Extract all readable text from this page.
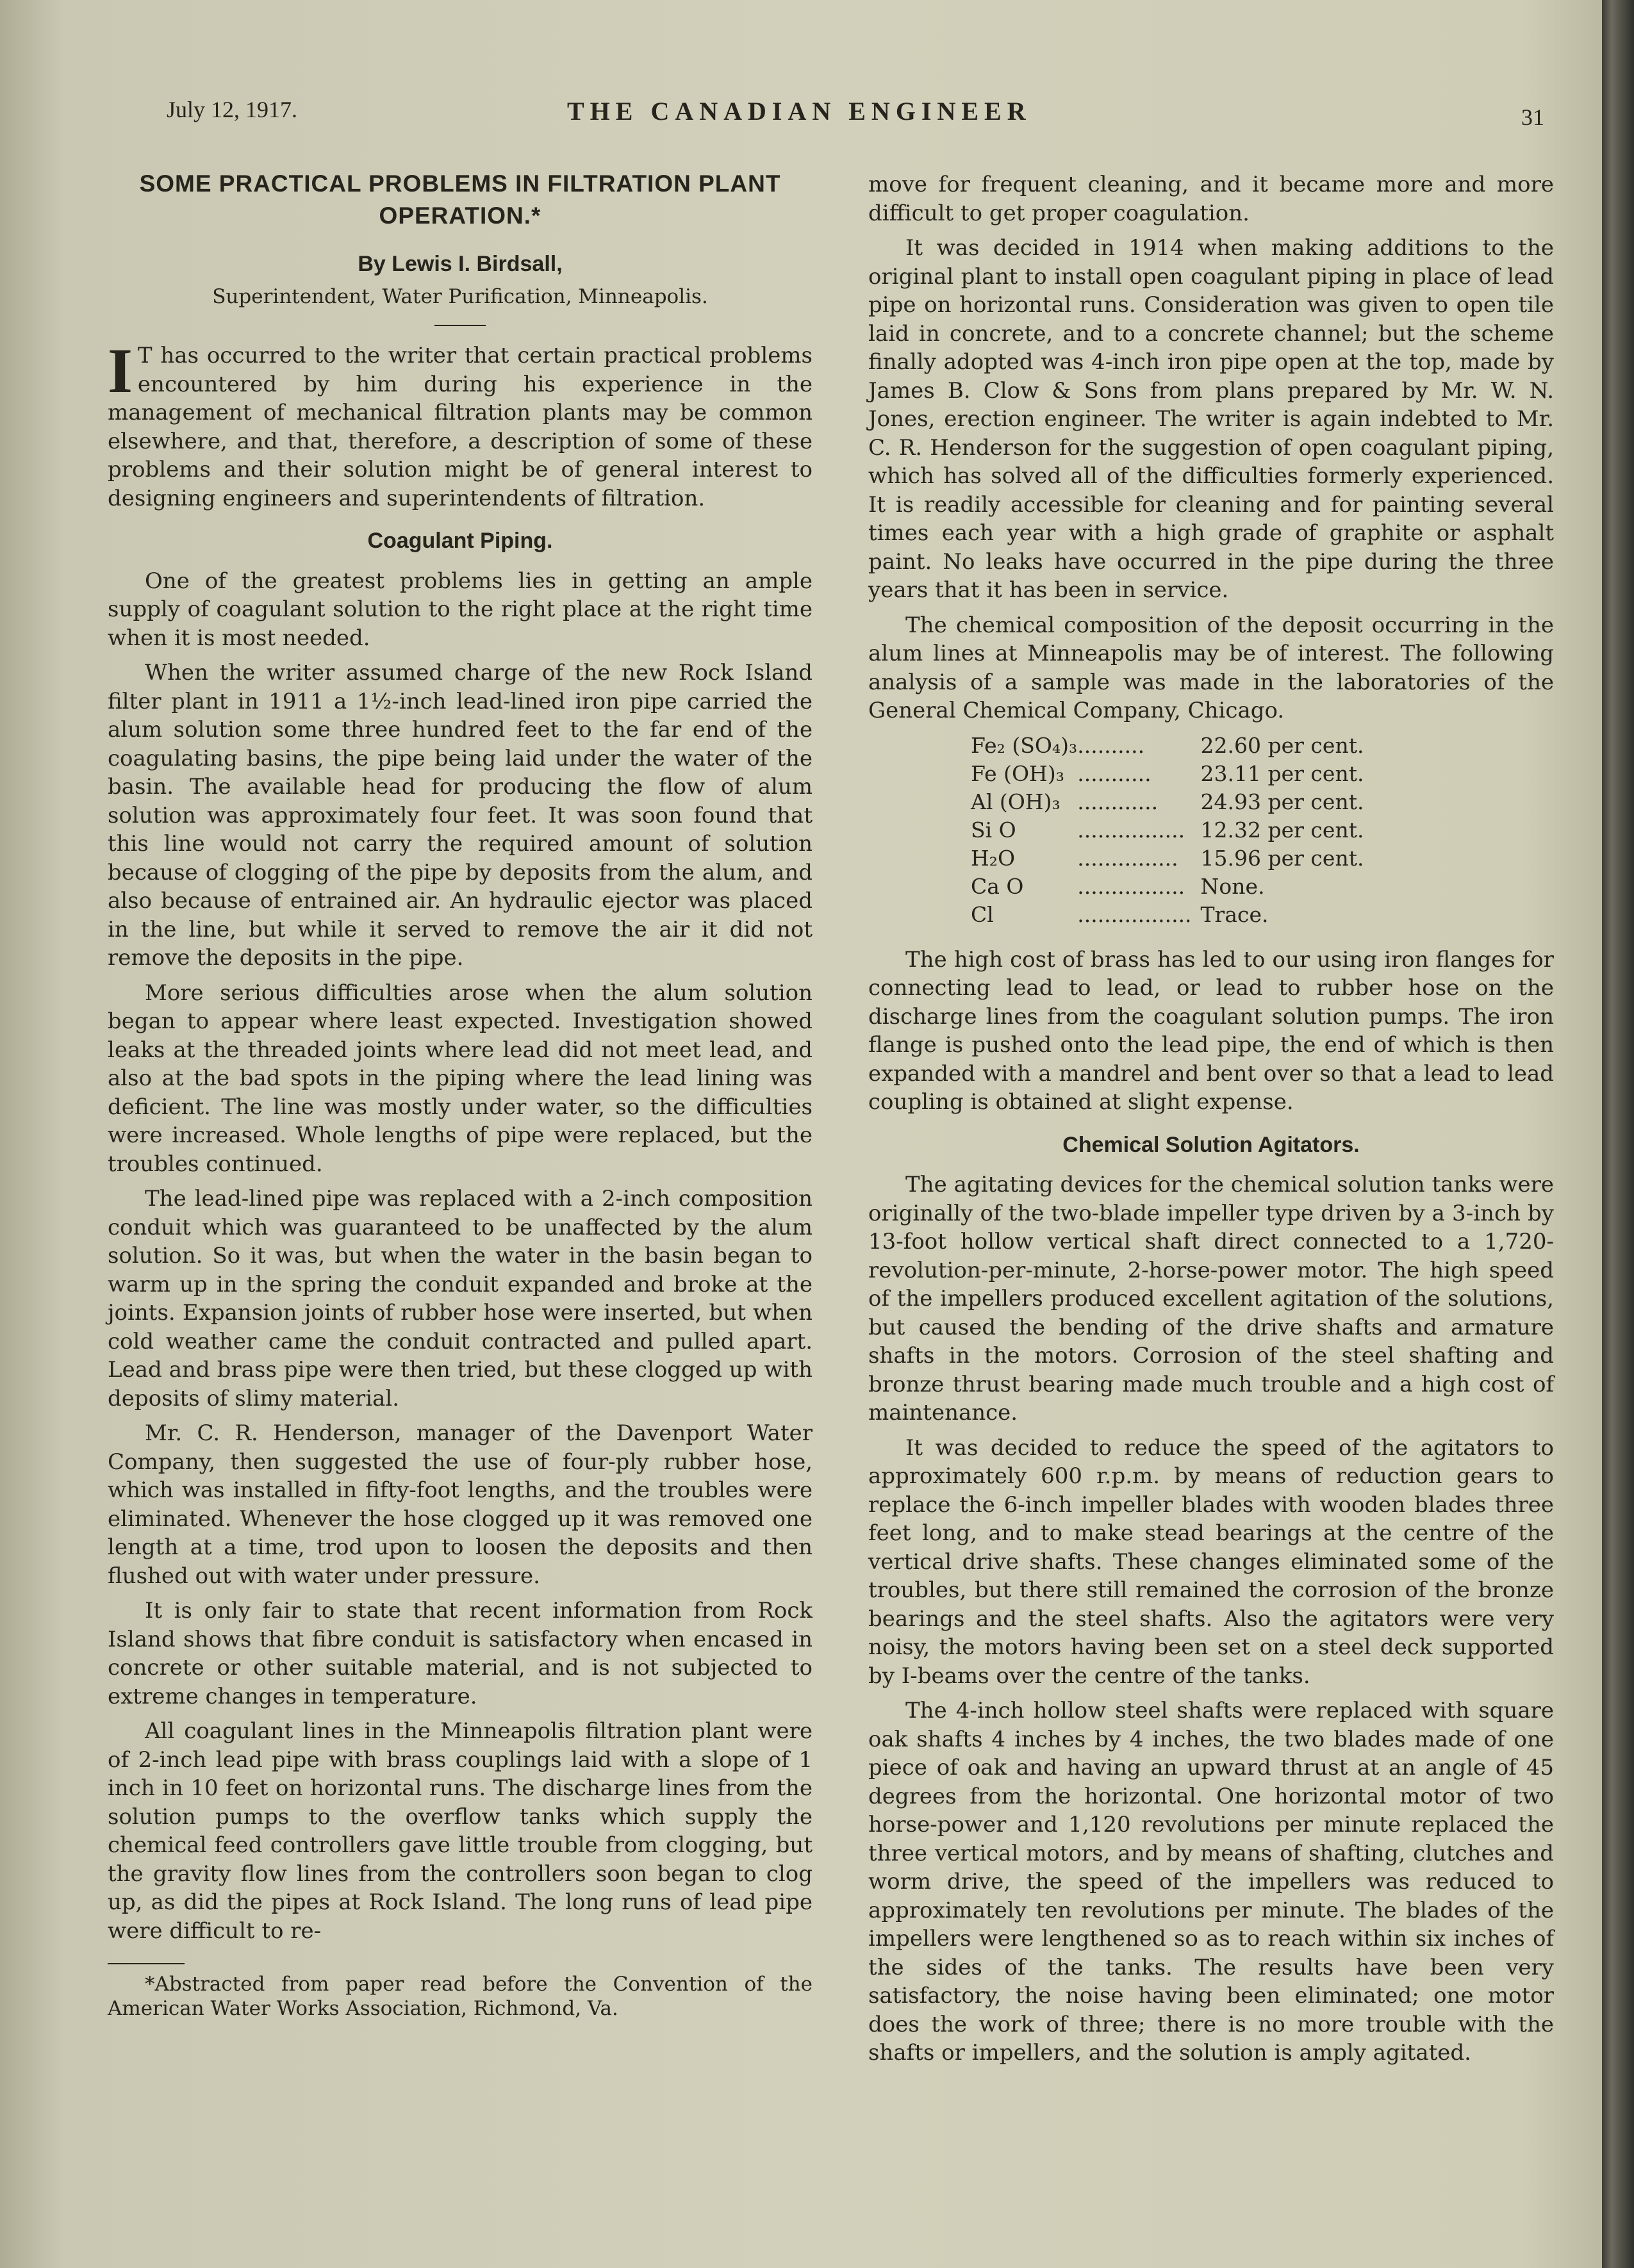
July 12, 1917.	THE CANADIAN ENGINEER	31
SOME PRACTICAL PROBLEMS IN FILTRATION PLANT OPERATION.*
By Lewis I. Birdsall,
Superintendent, Water Purification, Minneapolis.

I T has occurred to the writer that certain practical problems encountered by him during his experience in the management of mechanical filtration plants may be common elsewhere, and that, therefore, a description of some of these problems and their solution might be of general interest to designing engineers and superintendents of filtration.

Coagulant Piping.

One of the greatest problems lies in getting an ample supply of coagulant solution to the right place at the right time when it is most needed.

When the writer assumed charge of the new Rock Island filter plant in 1911 a 1½-inch lead-lined iron pipe carried the alum solution some three hundred feet to the far end of the coagulating basins, the pipe being laid under the water of the basin. The available head for producing the flow of alum solution was approximately four feet. It was soon found that this line would not carry the required amount of solution because of clogging of the pipe by deposits from the alum, and also because of entrained air. An hydraulic ejector was placed in the line, but while it served to remove the air it did not remove the deposits in the pipe.

More serious difficulties arose when the alum solution began to appear where least expected. Investigation showed leaks at the threaded joints where lead did not meet lead, and also at the bad spots in the piping where the lead lining was deficient. The line was mostly under water, so the difficulties were increased. Whole lengths of pipe were replaced, but the troubles continued.

The lead-lined pipe was replaced with a 2-inch composition conduit which was guaranteed to be unaffected by the alum solution. So it was, but when the water in the basin began to warm up in the spring the conduit expanded and broke at the joints. Expansion joints of rubber hose were inserted, but when cold weather came the conduit contracted and pulled apart. Lead and brass pipe were then tried, but these clogged up with deposits of slimy material.

Mr. C. R. Henderson, manager of the Davenport Water Company, then suggested the use of four-ply rubber hose, which was installed in fifty-foot lengths, and the troubles were eliminated. Whenever the hose clogged up it was removed one length at a time, trod upon to loosen the deposits and then flushed out with water under pressure.

It is only fair to state that recent information from Rock Island shows that fibre conduit is satisfactory when encased in concrete or other suitable material, and is not subjected to extreme changes in temperature.

All coagulant lines in the Minneapolis filtration plant were of 2-inch lead pipe with brass couplings laid with a slope of 1 inch in 10 feet on horizontal runs. The discharge lines from the solution pumps to the overflow tanks which supply the chemical feed controllers gave little trouble from clogging, but the gravity flow lines from the controllers soon began to clog up, as did the pipes at Rock Island. The long runs of lead pipe were difficult to re-

*Abstracted from paper read before the Convention of the American Water Works Association, Richmond, Va.

move for frequent cleaning, and it became more and more difficult to get proper coagulation.

It was decided in 1914 when making additions to the original plant to install open coagulant piping in place of lead pipe on horizontal runs. Consideration was given to open tile laid in concrete, and to a concrete channel; but the scheme finally adopted was 4-inch iron pipe open at the top, made by James B. Clow & Sons from plans prepared by Mr. W. N. Jones, erection engineer. The writer is again indebted to Mr. C. R. Henderson for the suggestion of open coagulant piping, which has solved all of the difficulties formerly experienced. It is readily accessible for cleaning and for painting several times each year with a high grade of graphite or asphalt paint. No leaks have occurred in the pipe during the three years that it has been in service.

The chemical composition of the deposit occurring in the alum lines at Minneapolis may be of interest. The following analysis of a sample was made in the laboratories of the General Chemical Company, Chicago.

Fe₂ (SO₄)₃	..........	22.60 per cent.
Fe (OH)₃	...........	23.11 per cent.
Al (OH)₃	............	24.93 per cent.
Si O	................	12.32 per cent.
H₂O	...............	15.96 per cent.
Ca O	................	None.
Cl	.................	Trace.

The high cost of brass has led to our using iron flanges for connecting lead to lead, or lead to rubber hose on the discharge lines from the coagulant solution pumps. The iron flange is pushed onto the lead pipe, the end of which is then expanded with a mandrel and bent over so that a lead to lead coupling is obtained at slight expense.

Chemical Solution Agitators.

The agitating devices for the chemical solution tanks were originally of the two-blade impeller type driven by a 3-inch by 13-foot hollow vertical shaft direct connected to a 1,720-revolution-per-minute, 2-horse-power motor. The high speed of the impellers produced excellent agitation of the solutions, but caused the bending of the drive shafts and armature shafts in the motors. Corrosion of the steel shafting and bronze thrust bearing made much trouble and a high cost of maintenance.

It was decided to reduce the speed of the agitators to approximately 600 r.p.m. by means of reduction gears to replace the 6-inch impeller blades with wooden blades three feet long, and to make stead bearings at the centre of the vertical drive shafts. These changes eliminated some of the troubles, but there still remained the corrosion of the bronze bearings and the steel shafts. Also the agitators were very noisy, the motors having been set on a steel deck supported by I-beams over the centre of the tanks.

The 4-inch hollow steel shafts were replaced with square oak shafts 4 inches by 4 inches, the two blades made of one piece of oak and having an upward thrust at an angle of 45 degrees from the horizontal. One horizontal motor of two horse-power and 1,120 revolutions per minute replaced the three vertical motors, and by means of shafting, clutches and worm drive, the speed of the impellers was reduced to approximately ten revolutions per minute. The blades of the impellers were lengthened so as to reach within six inches of the sides of the tanks. The results have been very satisfactory, the noise having been eliminated; one motor does the work of three; there is no more trouble with the shafts or impellers, and the solution is amply agitated.
